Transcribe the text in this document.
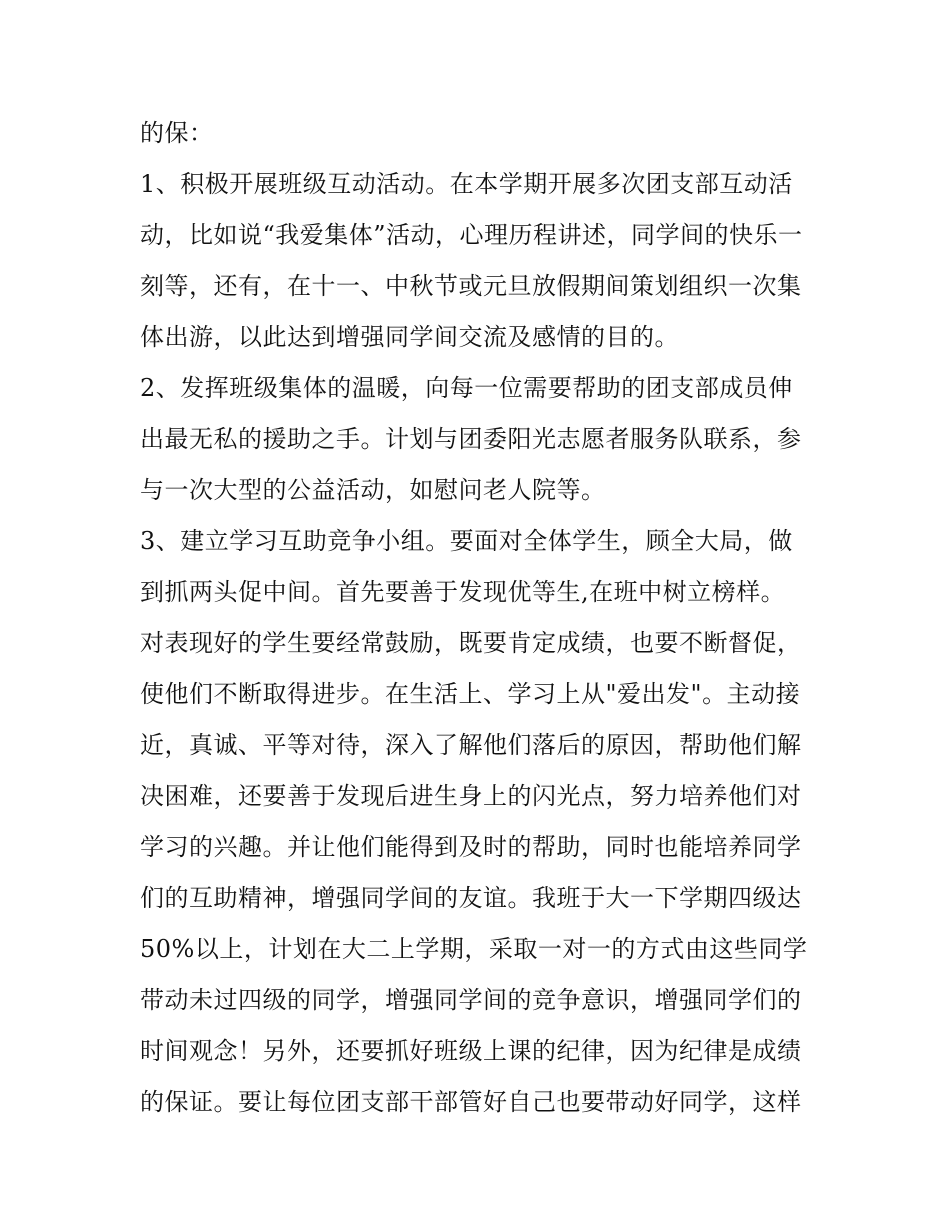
的保：
1、积极开展班级互动活动。在本学期开展多次团支部互动活
动，比如说“我爱集体”活动，心理历程讲述，同学间的快乐一
刻等，还有，在十一、中秋节或元旦放假期间策划组织一次集
体出游，以此达到增强同学间交流及感情的目的。
2、发挥班级集体的温暖，向每一位需要帮助的团支部成员伸
出最无私的援助之手。计划与团委阳光志愿者服务队联系，参
与一次大型的公益活动，如慰问老人院等。
3、建立学习互助竞争小组。要面对全体学生，顾全大局，做
到抓两头促中间。首先要善于发现优等生,在班中树立榜样。
对表现好的学生要经常鼓励，既要肯定成绩，也要不断督促，
使他们不断取得进步。在生活上、学习上从"爱出发"。主动接
近，真诚、平等对待，深入了解他们落后的原因，帮助他们解
决困难，还要善于发现后进生身上的闪光点，努力培养他们对
学习的兴趣。并让他们能得到及时的帮助，同时也能培养同学
们的互助精神，增强同学间的友谊。我班于大一下学期四级达
50%以上，计划在大二上学期，采取一对一的方式由这些同学
带动未过四级的同学，增强同学间的竞争意识，增强同学们的
时间观念！另外，还要抓好班级上课的纪律，因为纪律是成绩
的保证。要让每位团支部干部管好自己也要带动好同学，这样
